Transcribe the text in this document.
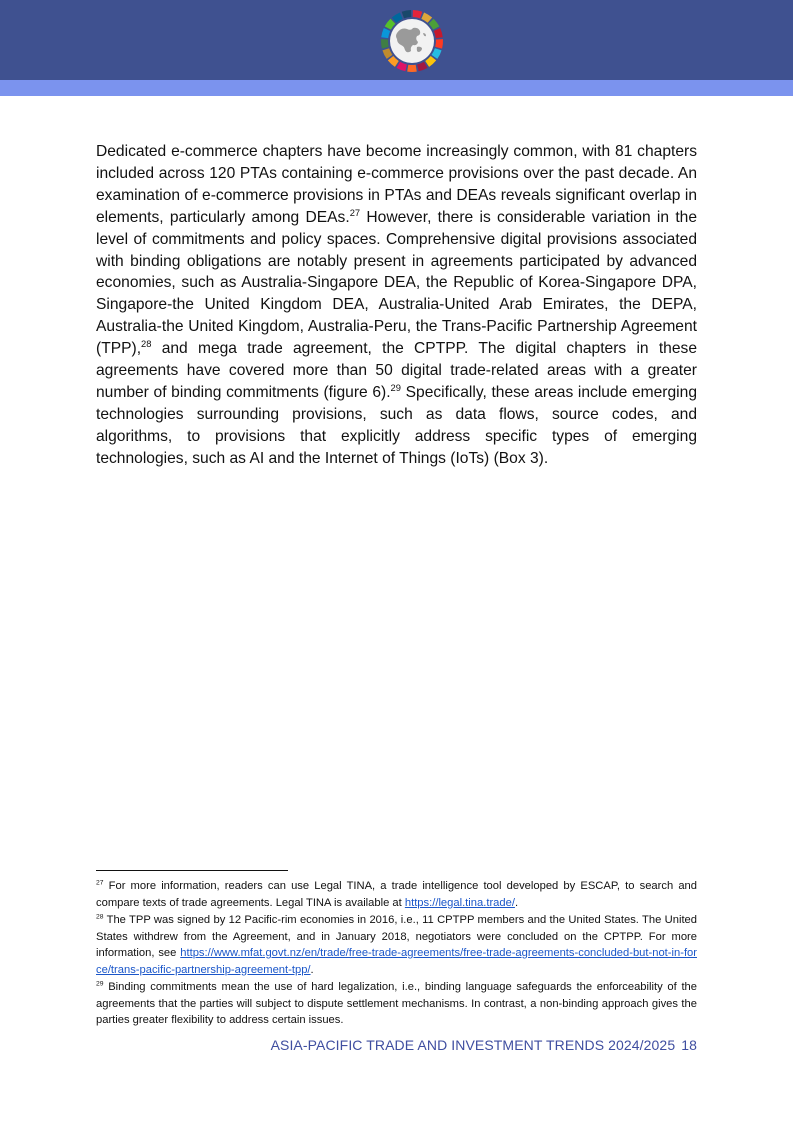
Dedicated e-commerce chapters have become increasingly common, with 81 chapters included across 120 PTAs containing e-commerce provisions over the past decade. An examination of e-commerce provisions in PTAs and DEAs reveals significant overlap in elements, particularly among DEAs.$^{27}$ However, there is considerable variation in the level of commitments and policy spaces. Comprehensive digital provisions associated with binding obligations are notably present in agreements participated by advanced economies, such as Australia-Singapore DEA, the Republic of Korea-Singapore DPA, Singapore-the United Kingdom DEA, Australia-United Arab Emirates, the DEPA, Australia-the United Kingdom, Australia-Peru, the Trans-Pacific Partnership Agreement (TPP),$^{28}$ and mega trade agreement, the CPTPP. The digital chapters in these agreements have covered more than 50 digital trade-related areas with a greater number of binding commitments (figure 6).$^{29}$ Specifically, these areas include emerging technologies surrounding provisions, such as data flows, source codes, and algorithms, to provisions that explicitly address specific types of emerging technologies, such as AI and the Internet of Things (IoTs) (Box 3).

$^{27}$ For more information, readers can use Legal TINA, a trade intelligence tool developed by ESCAP, to search and compare texts of trade agreements. Legal TINA is available at https://legal.tina.trade/.

$^{28}$ The TPP was signed by 12 Pacific-rim economies in 2016, i.e., 11 CPTPP members and the United States. The United States withdrew from the Agreement, and in January 2018, negotiators were concluded on the CPTPP. For more information, see https://www.mfat.govt.nz/en/trade/free-trade-agreements/free-trade-agreements-concluded-but-not-in-force/trans-pacific-partnership-agreement-tpp/.

$^{29}$ Binding commitments mean the use of hard legalization, i.e., binding language safeguards the enforceability of the agreements that the parties will subject to dispute settlement mechanisms. In contrast, a non-binding approach gives the parties greater flexibility to address certain issues.

ASIA-PACIFIC TRADE AND INVESTMENT TRENDS 2024/2025 18
